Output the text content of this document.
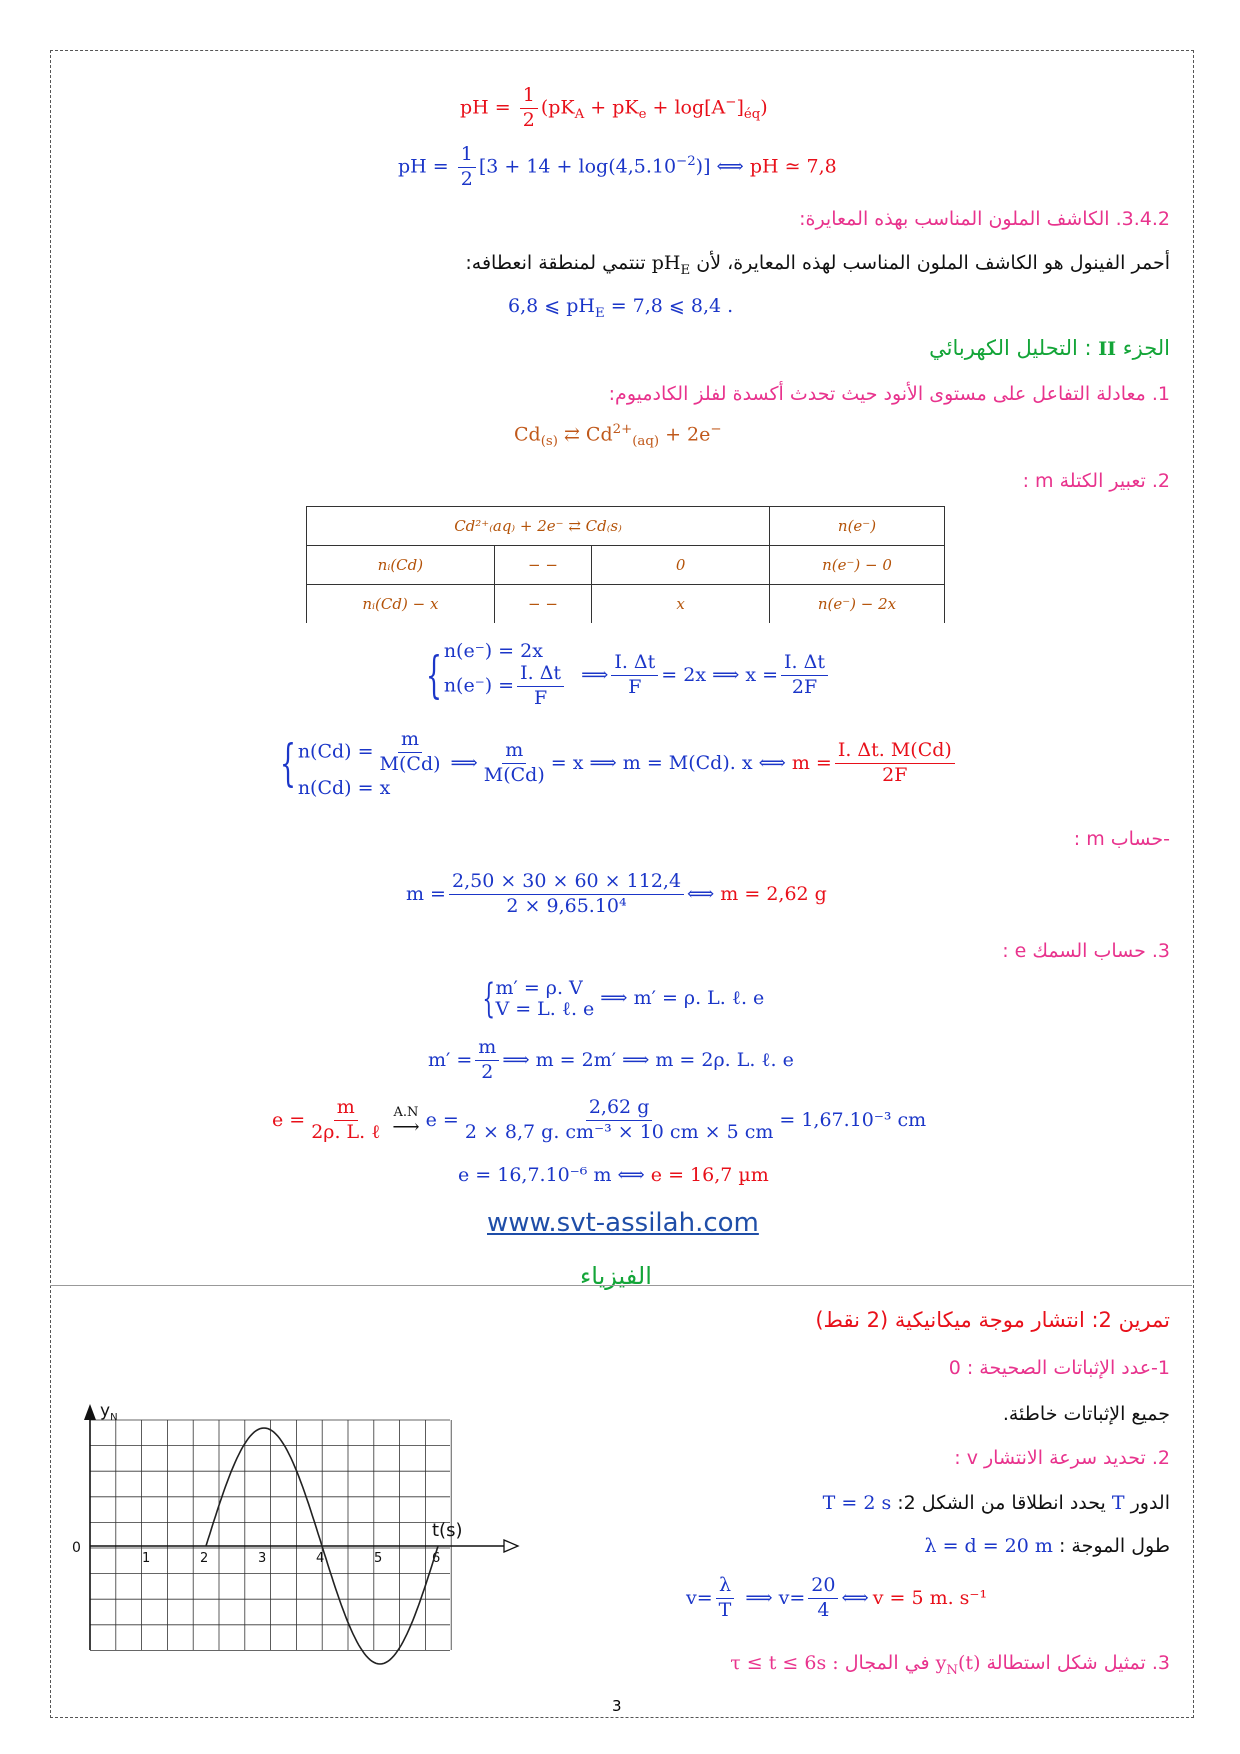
pH = $\frac{1}{2} (pK_A + pK_e + \log[A^-]_{éq})$
pH = $\frac{1}{2} [3 + 14 + \log(4,5.10^{-2})]$ ⟺ pH ≃ 7,8
3.4.2. الكاشف الملون المناسب بهذه المعايرة:
أحمر الفينول هو الكاشف الملون المناسب لهذه المعايرة، لأن $pH_E$ تنتمي لمنطقة انعطافه:
6,8 ⩽ $pH_E = 7,8$ ⩽ 8,4 .
الجزء II : التحليل الكهربائي
1. معادلة التفاعل على مستوى الأنود حيث تحدث أكسدة لفلز الكادميوم:
$Cd_{(s)}$ ⇄ $Cd^{2+}_{(aq)} + 2e^-$
2. تعبير الكتلة m :
Cd²⁺₍aq₎ + 2e⁻ ⇄ Cd₍s₎			n(e⁻)
nᵢ(Cd)	− −	0	n(e⁻) − 0
nᵢ(Cd) − x	− −	x	n(e⁻) − 2x
{ n(e⁻) = 2x
$n(e^-) = \frac{I. \Delta t}{F}$ ⟹ $\frac{I. \Delta t}{F} = 2x$ ⟹ $x = \frac{I. \Delta t}{2F}$
{ $n(Cd) = \frac{m}{M(Cd)}$
n(Cd) = x
⟹ $\frac{m}{M(Cd)} = x$ ⟹ m = M(Cd). x ⟺ $m = \frac{I. \Delta t. M(Cd)}{2F}$
-حساب m :
$m = \frac{2,50 \times 30 \times 60 \times 112,4}{\text{2 × 9,65.10⁴}}$ ⟺ m = 2,62 g
3. حساب السمك e :
{ m′ = ρ. V
V = L. ℓ. e ⟹ m′ = ρ. L. ℓ. e
$m' = \frac{m}{2}$ ⟹ m = 2m′ ⟹ m = 2ρ. L. ℓ. e
$e = \frac{m}{\text{2ρ. L. ℓ}} A.N$
⟶ $e = \frac{2,62 g}{\text{2 × 8,7 g. cm⁻³ × 10 cm × 5 cm}} = 1,67.10^{-3}$ cm
e = 16,7.10⁻⁶ m ⟺ e = 16,7 µm
www.svt-assilah.com
الفيزياء
تمرين 2: انتشار موجة ميكانيكية (2 نقط)
1-عدد الإثباتات الصحيحة : 0
جميع الإثباتات خاطئة.
2. تحديد سرعة الانتشار v :
الدور T يحدد انطلاقا من الشكل 2: T = 2 s
طول الموجة : λ = d = 20 m
$v= \frac{\lambda}{T}$ ⟹ $v= \frac{20}{4}$ ⟺ v = 5 m. s⁻¹
3. تمثيل شكل استطالة $y_N(t)$ في المجال τ ≤ t ≤ 6s :
$y_N$
t(s)
0
1	2	3	4	5	6
3
